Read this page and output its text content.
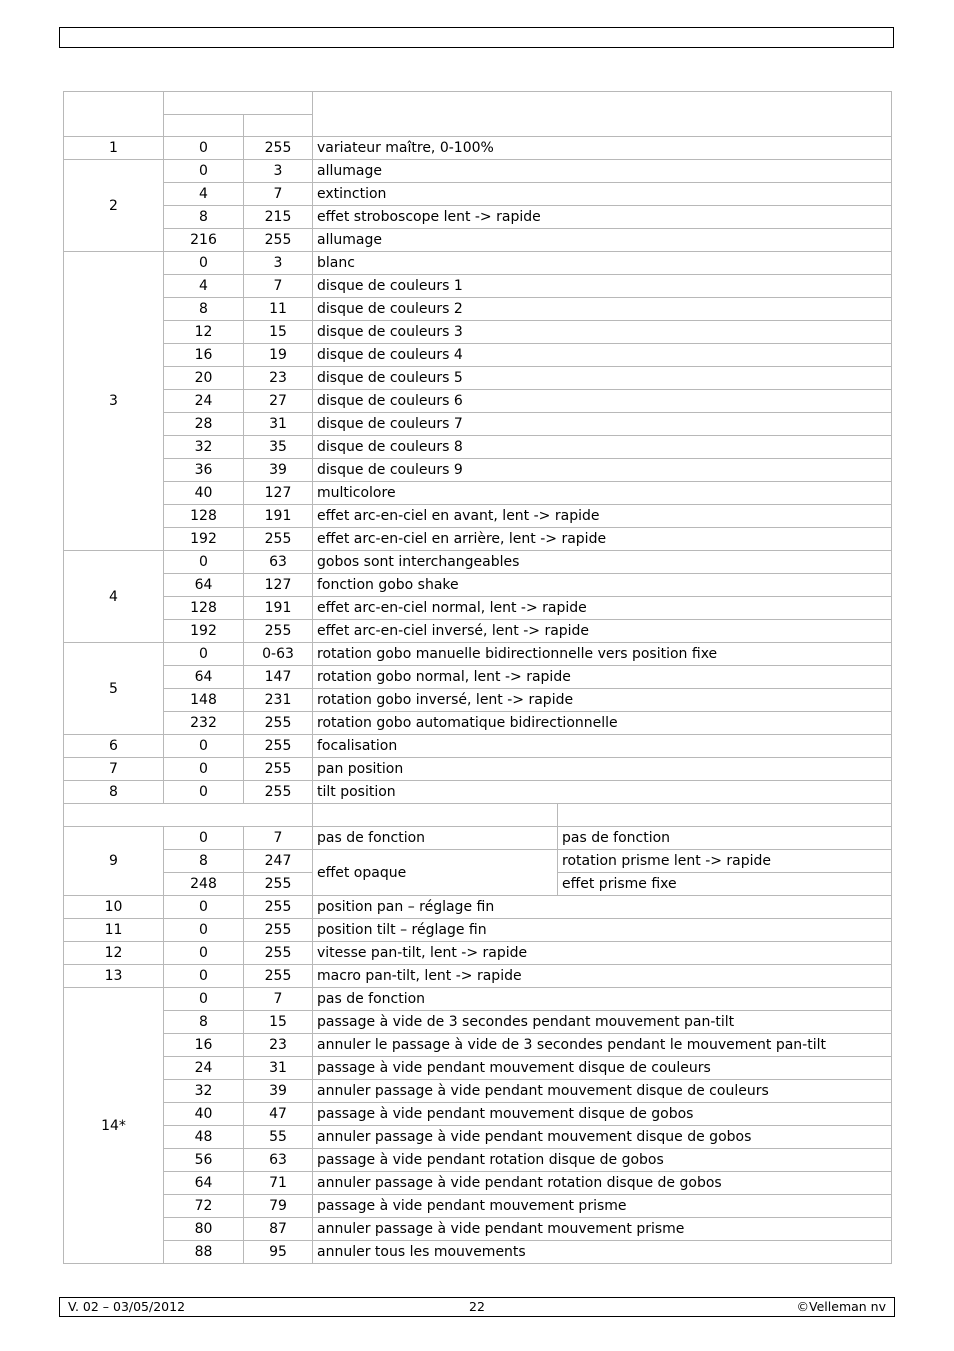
1	0	255	variateur maître, 0-100%	
2	0	3	allumage	
	4	7	extinction	
	8	215	effet stroboscope lent -> rapide	
	216	255	allumage	
3	0	3	blanc	
	4	7	disque de couleurs 1	
	8	11	disque de couleurs 2	
	12	15	disque de couleurs 3	
	16	19	disque de couleurs 4	
	20	23	disque de couleurs 5	
	24	27	disque de couleurs 6	
	28	31	disque de couleurs 7	
	32	35	disque de couleurs 8	
	36	39	disque de couleurs 9	
	40	127	multicolore	
	128	191	effet arc-en-ciel en avant, lent -> rapide	
	192	255	effet arc-en-ciel en arrière, lent -> rapide	
4	0	63	gobos sont interchangeables	
	64	127	fonction gobo shake	
	128	191	effet arc-en-ciel normal, lent -> rapide	
	192	255	effet arc-en-ciel inversé, lent -> rapide	
5	0	0-63	rotation gobo manuelle bidirectionnelle vers position fixe	
	64	147	rotation gobo normal, lent -> rapide	
	148	231	rotation gobo inversé, lent -> rapide	
	232	255	rotation gobo automatique bidirectionnelle	
6	0	255	focalisation	
7	0	255	pan position	
8	0	255	tilt position	

9	0	7	pas de fonction	pas de fonction
	8	247	effet opaque	rotation prisme lent -> rapide
	248	255		effet prisme fixe
10	0	255	position pan – réglage fin	
11	0	255	position tilt – réglage fin	
12	0	255	vitesse pan-tilt, lent -> rapide	
13	0	255	macro pan-tilt, lent -> rapide	
14*	0	7	pas de fonction	
	8	15	passage à vide de 3 secondes pendant mouvement pan-tilt	
	16	23	annuler le passage à vide de 3 secondes pendant le mouvement pan-tilt	
	24	31	passage à vide pendant mouvement disque de couleurs	
	32	39	annuler passage à vide pendant mouvement disque de couleurs	
	40	47	passage à vide pendant mouvement disque de gobos	
	48	55	annuler passage à vide pendant mouvement disque de gobos	
	56	63	passage à vide pendant rotation disque de gobos	
	64	71	annuler passage à vide pendant rotation disque de gobos	
	72	79	passage à vide pendant mouvement prisme	
	80	87	annuler passage à vide pendant mouvement prisme	
	88	95	annuler tous les mouvements	
V. 02 – 03/05/2012	22	©Velleman nv
